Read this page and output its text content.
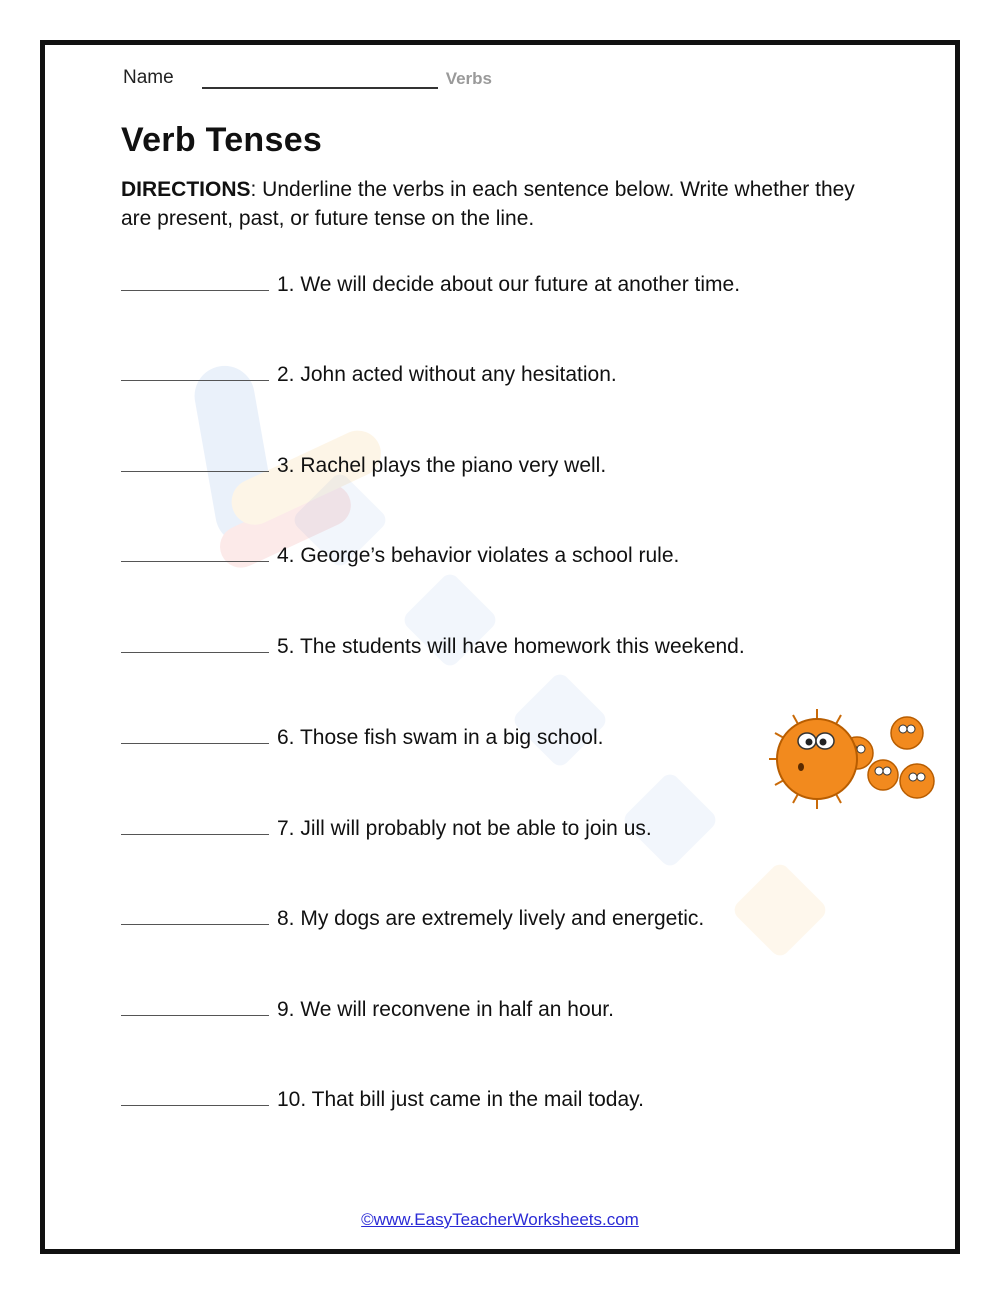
Name	Verbs
Verb Tenses

DIRECTIONS: Underline the verbs in each sentence below. Write whether they are present, past, or future tense on the line.

1. We will decide about our future at another time.
2. John acted without any hesitation.
3. Rachel plays the piano very well.
4. George’s behavior violates a school rule.
5. The students will have homework this weekend.
6. Those fish swam in a big school.
7. Jill will probably not be able to join us.
8. My dogs are extremely lively and energetic.
9. We will reconvene in half an hour.
10. That bill just came in the mail today.
©www.EasyTeacherWorksheets.com
